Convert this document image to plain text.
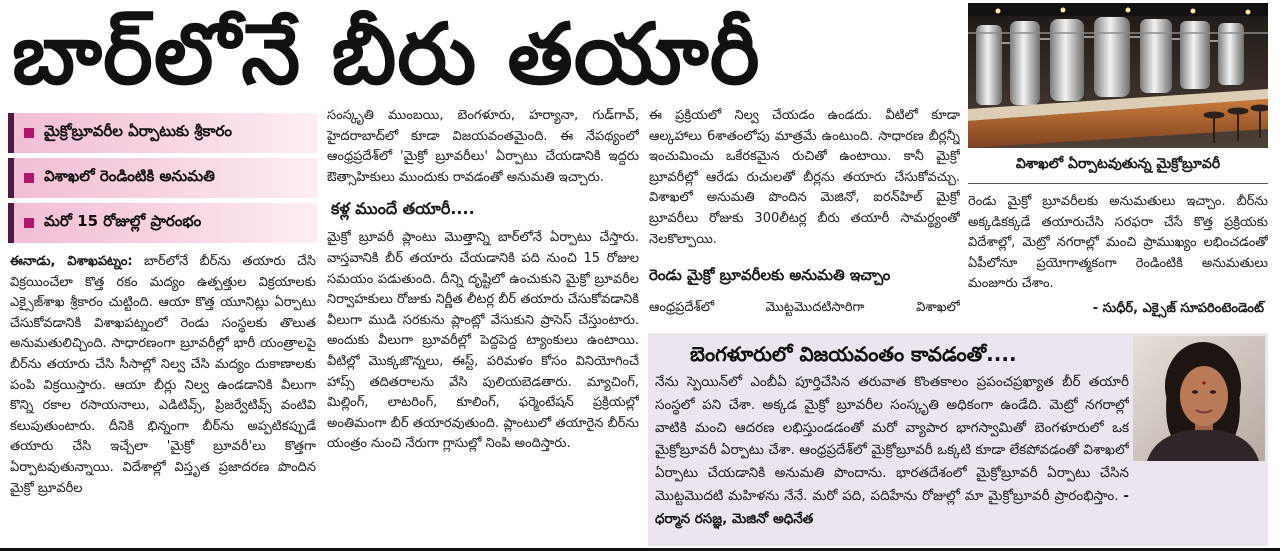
బార్‌లోనే బీరు తయారీ
మైక్రోబ్రూవరీల ఏర్పాటుకు శ్రీకారం
విశాఖలో రెండింటికి అనుమతి
మరో 15 రోజుల్లో ప్రారంభం
ఈనాడు, విశాఖపట్నం: బార్‌లోనే బీర్‌ను తయారు చేసి విక్రయించేలా కొత్త రకం మద్యం ఉత్పత్తుల విక్రయాలకు ఎక్సైజ్‌శాఖ శ్రీకారం చుట్టింది. ఆయా కొత్త యూనిట్లు ఏర్పాటు చేసుకోవడానికి విశాఖపట్నంలో రెండు సంస్థలకు తొలుత అనుమతులిచ్చింది. సాధారణంగా బ్రూవరీల్లో భారీ యంత్రాలపై బీర్‌ను తయారు చేసి సీసాల్లో నిల్వ చేసి మద్యం దుకాణాలకు పంపి విక్రయిస్తారు. ఆయా బీర్లు నిల్వ ఉండడానికి వీలుగా కొన్ని రకాల రసాయనాలు, ఎడిటివ్స్, ప్రిజర్వేటివ్స్ వంటివి కలుపుతుంటారు. దీనికి భిన్నంగా బీర్‌ను అప్పటికప్పుడే తయారు చేసి ఇచ్చేలా 'మైక్రో బ్రూవరీ'లు కొత్తగా ఏర్పాటవుతున్నాయి. విదేశాల్లో విస్తృత ప్రజాదరణ పొందిన మైక్రో బ్రూవరీల
సంస్కృతి ముంబయి, బెంగళూరు, హర్యానా, గుడ్‌గావ్, హైదరాబాద్‌లో కూడా విజయవంతమైంది. ఈ నేపథ్యంలో ఆంధ్రప్రదేశ్‌లో 'మైక్రో బ్రూవరీలు' ఏర్పాటు చేయడానికి ఇద్దరు ఔత్సాహికులు ముందుకు రావడంతో అనుమతి ఇచ్చారు.
కళ్ల ముందే తయారీ....
మైక్రో బ్రూవరీ ప్లాంటు మొత్తాన్ని బార్‌లోనే ఏర్పాటు చేస్తారు. వాస్తవానికి బీర్ తయారు చేయడానికి పది నుంచి 15 రోజుల సమయం పడుతుంది. దీన్ని దృష్టిలో ఉంచుకుని మైక్రో బ్రూవరీల నిర్వాహకులు రోజుకు నిర్ణీత లీటర్ల బీర్ తయారు చేసుకోవడానికి వీలుగా ముడి సరకును ప్లాంట్లో వేసుకుని ప్రాసెస్ చేస్తుంటారు. అందుకు వీలుగా బ్రూవరీల్లో పెద్దపెద్ద ట్యాంకులు ఉంటాయి. వీటిల్లో మొక్కజొన్నలు, ఈస్ట్, పరిమళం కోసం వినియోగించే హాప్స్ తదితరాలను వేసి పులియబెడతారు. మ్యాచింగ్, మిల్లింగ్, లాటరింగ్, కూలింగ్, ఫర్మెంటేషన్ ప్రక్రియల్లో అంతిమంగా బీర్ తయారవుతుంది. ప్లాంటులో తయారైన బీర్‌ను యంత్రం నుంచి నేరుగా గ్లాసుల్లో నింపి అందిస్తారు.
ఈ ప్రక్రియలో నిల్వ చేయడం ఉండదు. వీటిలో కూడా ఆల్కహాలు 6శాతంలోపు మాత్రమే ఉంటుంది. సాధారణ బీర్లన్నీ ఇంచుమించు ఒకేరకమైన రుచితో ఉంటాయి. కానీ మైక్రో బ్రూవరీల్లో ఆరేడు రుచులతో బీర్లను తయారు చేసుకోవచ్చు. విశాఖలో అనుమతి పొందిన మెజినో, ఐరన్‌హిల్ మైక్రో బ్రూవరీలు రోజుకు 300లీటర్ల బీరు తయారీ సామర్థ్యంతో నెలకొల్పాయి.
రెండు మైక్రో బ్రూవరీలకు అనుమతి ఇచ్చాం
ఆంధ్రప్రదేశ్‌లో మొట్టమొదటిసారిగా విశాఖలో
విశాఖలో ఏర్పాటవుతున్న మైక్రోబ్రూవరీ
రెండు మైక్రో బ్రూవరీలకు అనుమతులు ఇచ్చాం. బీర్‌ను అక్కడికక్కడే తయారుచేసి సరఫరా చేసే కొత్త ప్రక్రియకు విదేశాల్లో, మెట్రో నగరాల్లో మంచి ప్రాముఖ్యం లభించడంతో ఏపీలోనూ ప్రయోగాత్మకంగా రెండింటికి అనుమతులు మంజూరు చేశాం.
- సుధీర్, ఎక్సైజ్ సూపరింటెండెంట్
బెంగళూరులో విజయవంతం కావడంతో....
నేను స్పెయిన్‌లో ఎంబీఏ పూర్తిచేసిన తరువాత కొంతకాలం ప్రపంచప్రఖ్యాత బీర్ తయారీ సంస్థలో పని చేశా. అక్కడ మైక్రో బ్రూవరీల సంస్కృతి అధికంగా ఉండేది. మెట్రో నగరాల్లో వాటికి మంచి ఆదరణ లభిస్తుండడంతో మరో వ్యాపార భాగస్వామితో బెంగళూరులో ఒక మైక్రోబ్రూవరీ ఏర్పాటు చేశా. ఆంధ్రప్రదేశ్‌లో మైక్రోబ్రూవరీ ఒక్కటి కూడా లేకపోవడంతో విశాఖలో ఏర్పాటు చేయడానికి అనుమతి పొందాను. భారతదేశంలో మైక్రోబ్రూవరీ ఏర్పాటు చేసిన మొట్టమొదటి మహిళను నేనే. మరో పది, పదిహేను రోజుల్లో మా మైక్రోబ్రూవరీ ప్రారంభిస్తాం. - ధర్మాన రసజ్ఞ, మెజినో అధినేత
